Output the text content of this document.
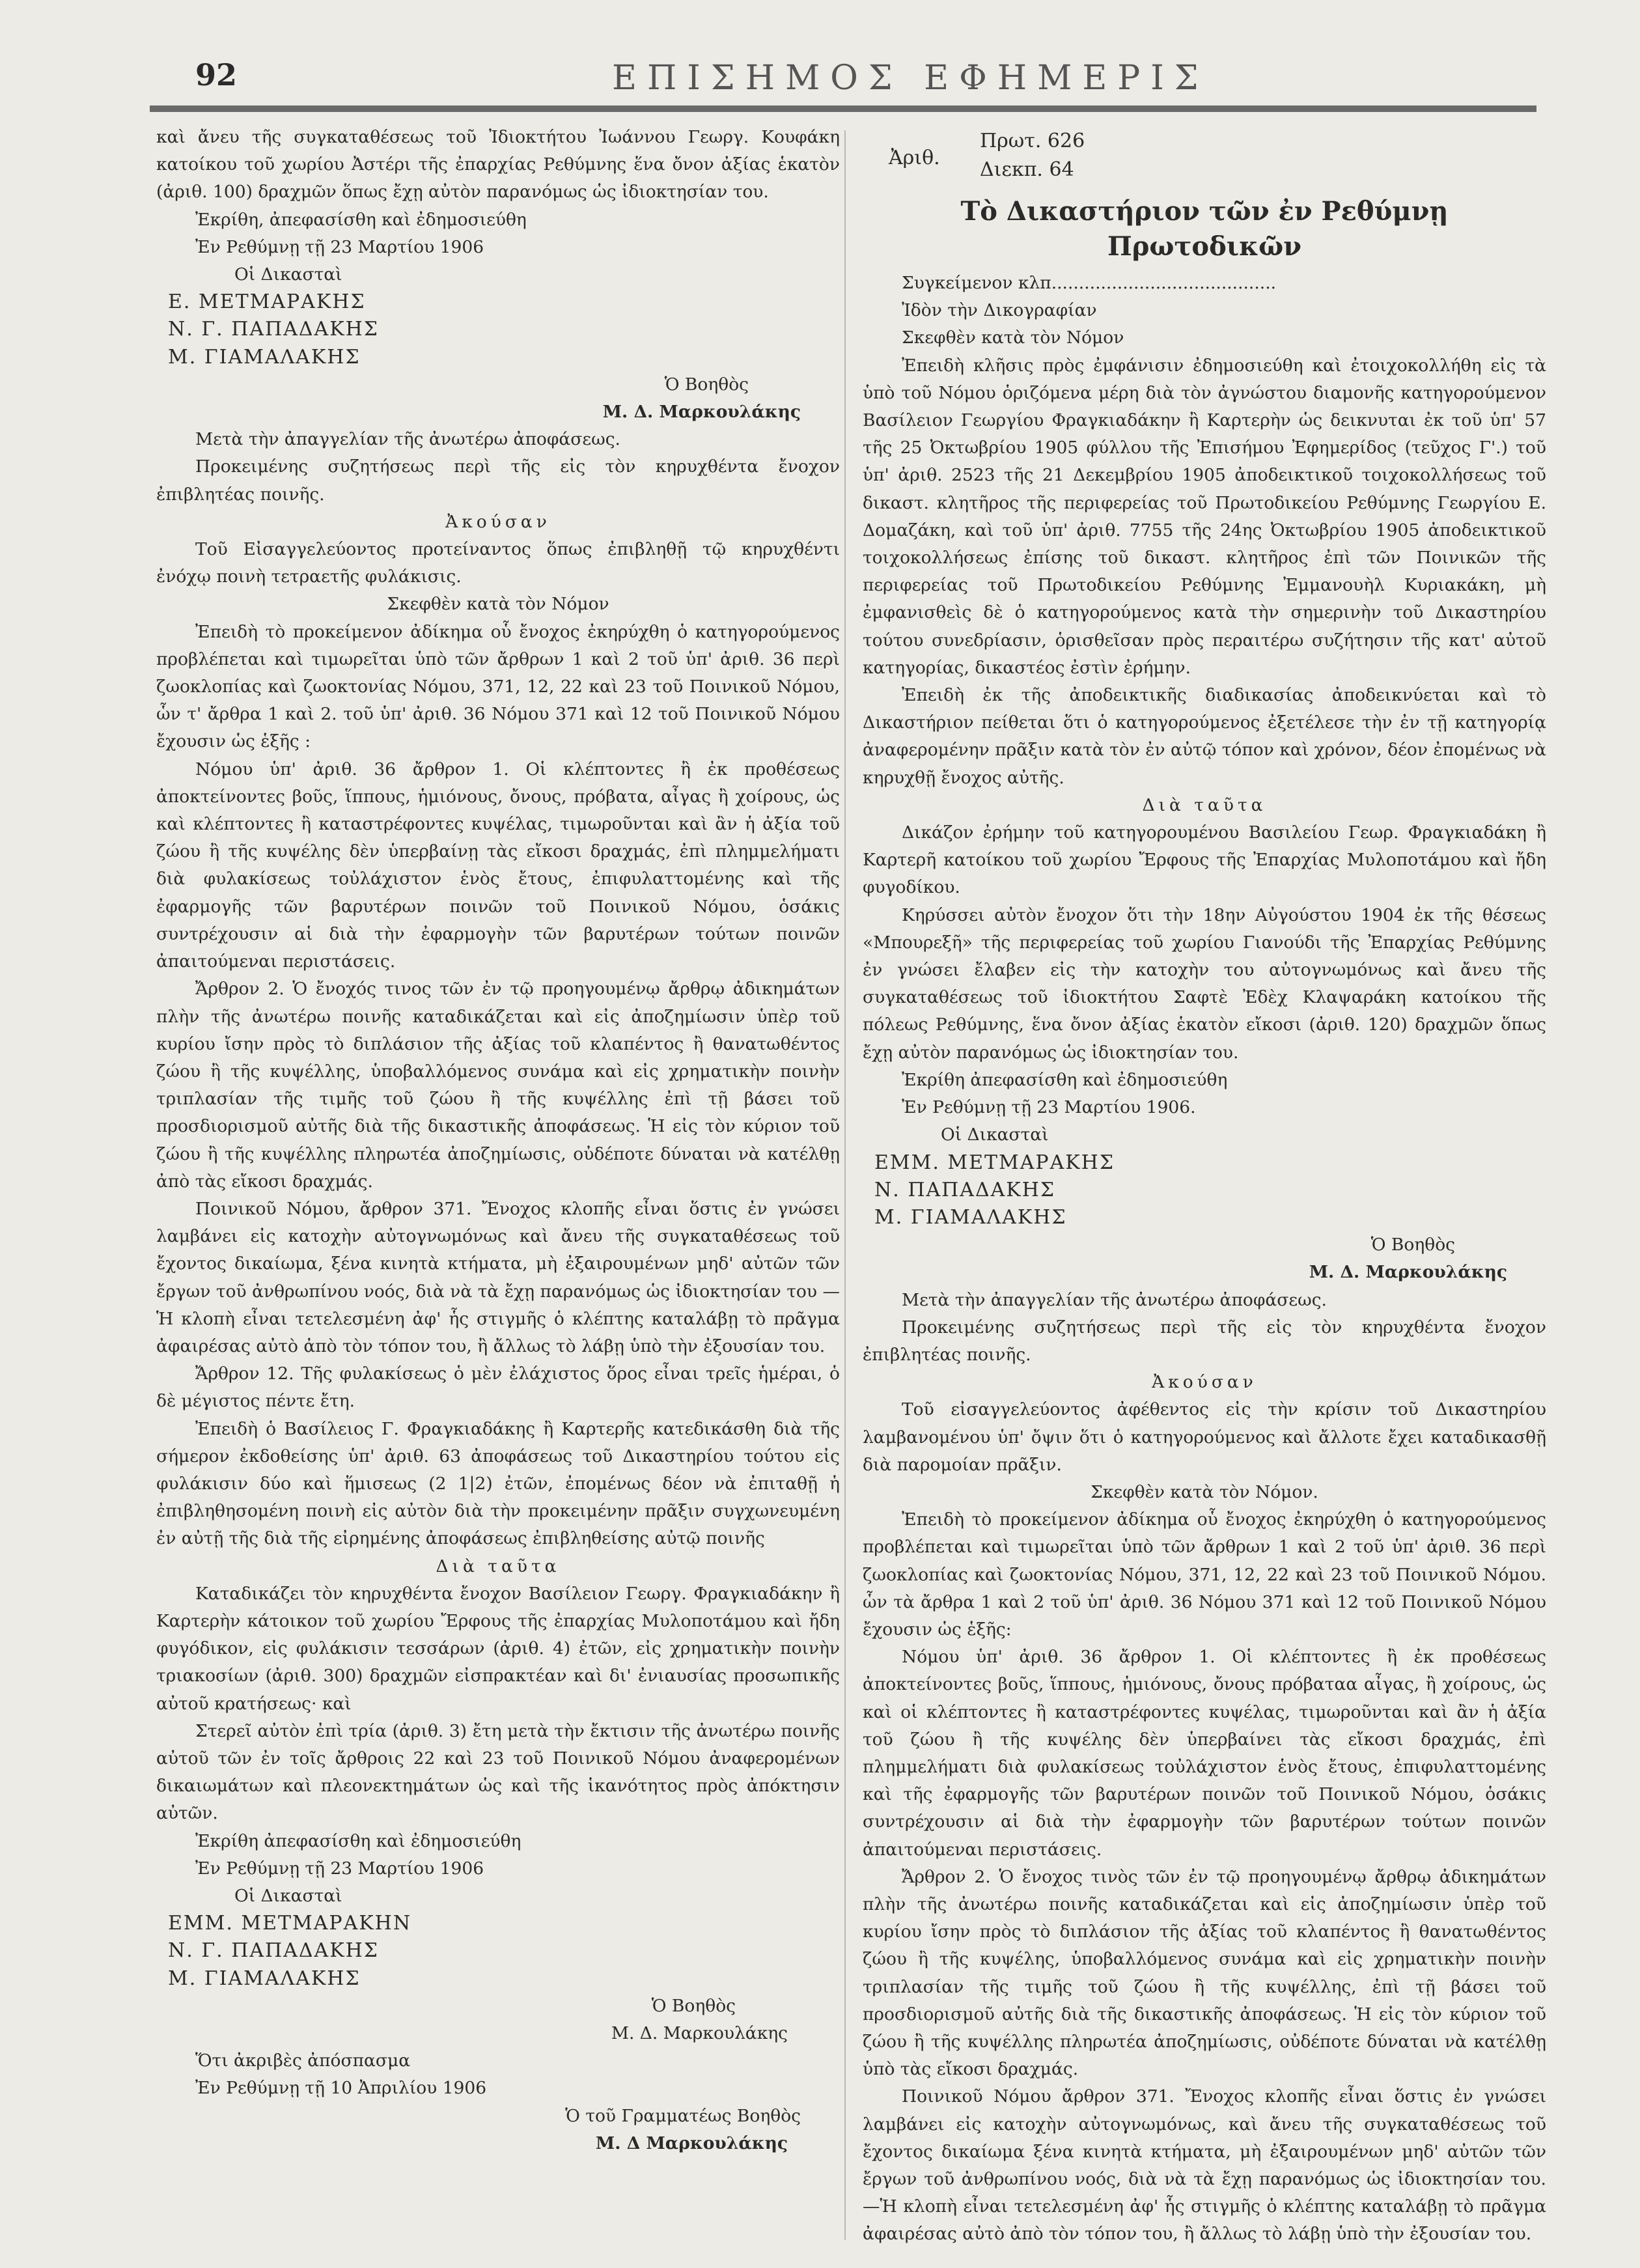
92	ΕΠΙΣΗΜΟΣ ΕΦΗΜΕΡΙΣ

καὶ ἄνευ τῆς συγκαταθέσεως τοῦ Ἰδιοκτήτου Ἰωάννου Γεωργ. Κουφάκη κατοίκου τοῦ χωρίου Ἀστέρι τῆς ἐπαρχίας Ρεθύμνης ἕνα ὄνον ἀξίας ἑκατὸν (ἀριθ. 100) δραχμῶν ὅπως ἔχῃ αὐτὸν παρανόμως ὡς ἰδιοκτησίαν του.

Ἐκρίθη, ἀπεφασίσθη καὶ ἐδημοσιεύθη

Ἐν Ρεθύμνῃ τῇ 23 Μαρτίου 1906

Οἱ Δικασταὶ

Ε. ΜΕΤΜΑΡΑΚΗΣ

Ν. Γ. ΠΑΠΑΔΑΚΗΣ

Μ. ΓΙΑΜΑΛΑΚΗΣ

Ὁ Βοηθὸς

Μ. Δ. Μαρκουλάκης

Μετὰ τὴν ἀπαγγελίαν τῆς ἀνωτέρω ἀποφάσεως.

Προκειμένης συζητήσεως περὶ τῆς εἰς τὸν κηρυχθέντα ἔνοχον ἐπιβλητέας ποινῆς.

Ἀκούσαν

Τοῦ Εἰσαγγελεύοντος προτείναντος ὅπως ἐπιβληθῇ τῷ κηρυχθέντι ἐνόχῳ ποινὴ τετραετῆς φυλάκισις.

Σκεφθὲν κατὰ τὸν Νόμον

Ἐπειδὴ τὸ προκείμενον ἀδίκημα οὗ ἔνοχος ἐκηρύχθη ὁ κατηγορούμενος προβλέπεται καὶ τιμωρεῖται ὑπὸ τῶν ἄρθρων 1 καὶ 2 τοῦ ὑπ' ἀριθ. 36 περὶ ζωοκλοπίας καὶ ζωοκτονίας Νόμου, 371, 12, 22 καὶ 23 τοῦ Ποινικοῦ Νόμου, ὧν τ' ἄρθρα 1 καὶ 2. τοῦ ὑπ' ἀριθ. 36 Νόμου 371 καὶ 12 τοῦ Ποινικοῦ Νόμου ἔχουσιν ὡς ἑξῆς :

Νόμου ὑπ' ἀριθ. 36 ἄρθρον 1. Οἱ κλέπτοντες ἢ ἐκ προθέσεως ἀποκτείνοντες βοῦς, ἵππους, ἡμιόνους, ὄνους, πρόβατα, αἶγας ἢ χοίρους, ὡς καὶ κλέπτοντες ἢ καταστρέφοντες κυψέλας, τιμωροῦνται καὶ ἂν ἡ ἀξία τοῦ ζώου ἢ τῆς κυψέλης δὲν ὑπερβαίνῃ τὰς εἴκοσι δραχμάς, ἐπὶ πλημμελήματι διὰ φυλακίσεως τοὐλάχιστον ἑνὸς ἔτους, ἐπιφυλαττομένης καὶ τῆς ἐφαρμογῆς τῶν βαρυτέρων ποινῶν τοῦ Ποινικοῦ Νόμου, ὁσάκις συντρέχουσιν αἱ διὰ τὴν ἐφαρμογὴν τῶν βαρυτέρων τούτων ποινῶν ἀπαιτούμεναι περιστάσεις.

Ἄρθρον 2. Ὁ ἔνοχός τινος τῶν ἐν τῷ προηγουμένῳ ἄρθρῳ ἀδικημάτων πλὴν τῆς ἀνωτέρω ποινῆς καταδικάζεται καὶ εἰς ἀποζημίωσιν ὑπὲρ τοῦ κυρίου ἴσην πρὸς τὸ διπλάσιον τῆς ἀξίας τοῦ κλαπέντος ἢ θανατωθέντος ζώου ἢ τῆς κυψέλλης, ὑποβαλλόμενος συνάμα καὶ εἰς χρηματικὴν ποινὴν τριπλασίαν τῆς τιμῆς τοῦ ζώου ἢ τῆς κυψέλλης ἐπὶ τῇ βάσει τοῦ προσδιορισμοῦ αὐτῆς διὰ τῆς δικαστικῆς ἀποφάσεως. Ἡ εἰς τὸν κύριον τοῦ ζώου ἢ τῆς κυψέλλης πληρωτέα ἀποζημίωσις, οὐδέποτε δύναται νὰ κατέλθῃ ἀπὸ τὰς εἴκοσι δραχμάς.

Ποινικοῦ Νόμου, ἄρθρον 371. Ἔνοχος κλοπῆς εἶναι ὅστις ἐν γνώσει λαμβάνει εἰς κατοχὴν αὐτογνωμόνως καὶ ἄνευ τῆς συγκαταθέσεως τοῦ ἔχοντος δικαίωμα, ξένα κινητὰ κτήματα, μὴ ἐξαιρουμένων μηδ' αὐτῶν τῶν ἔργων τοῦ ἀνθρωπίνου νοός, διὰ νὰ τὰ ἔχῃ παρανόμως ὡς ἰδιοκτησίαν του —Ἡ κλοπὴ εἶναι τετελεσμένη ἀφ' ἧς στιγμῆς ὁ κλέπτης καταλάβῃ τὸ πρᾶγμα ἀφαιρέσας αὐτὸ ἀπὸ τὸν τόπον του, ἢ ἄλλως τὸ λάβῃ ὑπὸ τὴν ἐξουσίαν του.

Ἄρθρον 12. Τῆς φυλακίσεως ὁ μὲν ἐλάχιστος ὅρος εἶναι τρεῖς ἡμέραι, ὁ δὲ μέγιστος πέντε ἔτη.

Ἐπειδὴ ὁ Βασίλειος Γ. Φραγκιαδάκης ἢ Καρτερῆς κατεδικάσθη διὰ τῆς σήμερον ἐκδοθείσης ὑπ' ἀριθ. 63 ἀποφάσεως τοῦ Δικαστηρίου τούτου εἰς φυλάκισιν δύο καὶ ἥμισεως (2 1|2) ἐτῶν, ἐπομένως δέον νὰ ἐπιταθῇ ἡ ἐπιβληθησομένη ποινὴ εἰς αὐτὸν διὰ τὴν προκειμένην πρᾶξιν συγχωνευμένη ἐν αὐτῇ τῆς διὰ τῆς εἰρημένης ἀποφάσεως ἐπιβληθείσης αὐτῷ ποινῆς

Διὰ ταῦτα

Καταδικάζει τὸν κηρυχθέντα ἔνοχον Βασίλειον Γεωργ. Φραγκιαδάκην ἢ Καρτερὴν κάτοικον τοῦ χωρίου Ἔρφους τῆς ἐπαρχίας Μυλοποτάμου καὶ ἤδη φυγόδικον, εἰς φυλάκισιν τεσσάρων (ἀριθ. 4) ἐτῶν, εἰς χρηματικὴν ποινὴν τριακοσίων (ἀριθ. 300) δραχμῶν εἰσπρακτέαν καὶ δι' ἐνιαυσίας προσωπικῆς αὐτοῦ κρατήσεως· καὶ

Στερεῖ αὐτὸν ἐπὶ τρία (ἀριθ. 3) ἔτη μετὰ τὴν ἔκτισιν τῆς ἀνωτέρω ποινῆς αὐτοῦ τῶν ἐν τοῖς ἄρθροις 22 καὶ 23 τοῦ Ποινικοῦ Νόμου ἀναφερομένων δικαιωμάτων καὶ πλεονεκτημάτων ὡς καὶ τῆς ἱκανότητος πρὸς ἀπόκτησιν αὐτῶν.

Ἐκρίθη ἀπεφασίσθη καὶ ἐδημοσιεύθη

Ἐν Ρεθύμνῃ τῇ 23 Μαρτίου 1906

Οἱ Δικασταὶ

ΕΜΜ. ΜΕΤΜΑΡΑΚΗΝ

Ν. Γ. ΠΑΠΑΔΑΚΗΣ

Μ. ΓΙΑΜΑΛΑΚΗΣ

Ὁ Βοηθὸς

Μ. Δ. Μαρκουλάκης

Ὅτι ἀκριβὲς ἀπόσπασμα

Ἐν Ρεθύμνῃ τῇ 10 Ἀπριλίου 1906

Ὁ τοῦ Γραμματέως Βοηθὸς

Μ. Δ Μαρκουλάκης

Ἀριθ.
Πρωτ. 626
Διεκπ. 64

Τὸ Δικαστήριον τῶν ἐν Ρεθύμνῃ Πρωτοδικῶν

Συγκείμενον κλπ.........................................

Ἰδὸν τὴν Δικογραφίαν

Σκεφθὲν κατὰ τὸν Νόμον

Ἐπειδὴ κλῆσις πρὸς ἐμφάνισιν ἐδημοσιεύθη καὶ ἐτοιχοκολλήθη εἰς τὰ ὑπὸ τοῦ Νόμου ὁριζόμενα μέρη διὰ τὸν ἀγνώστου διαμονῆς κατηγορούμενον Βασίλειον Γεωργίου Φραγκιαδάκην ἢ Καρτερὴν ὡς δεικνυται ἐκ τοῦ ὑπ' 57 τῆς 25 Ὀκτωβρίου 1905 φύλλου τῆς Ἐπισήμου Ἐφημερίδος (τεῦχος Γ'.) τοῦ ὑπ' ἀριθ. 2523 τῆς 21 Δεκεμβρίου 1905 ἀποδεικτικοῦ τοιχοκολλήσεως τοῦ δικαστ. κλητῆρος τῆς περιφερείας τοῦ Πρωτοδικείου Ρεθύμνης Γεωργίου Ε. Δομαζάκη, καὶ τοῦ ὑπ' ἀριθ. 7755 τῆς 24ης Ὀκτωβρίου 1905 ἀποδεικτικοῦ τοιχοκολλήσεως ἐπίσης τοῦ δικαστ. κλητῆρος ἐπὶ τῶν Ποινικῶν τῆς περιφερείας τοῦ Πρωτοδικείου Ρεθύμνης Ἐμμανουὴλ Κυριακάκη, μὴ ἐμφανισθεὶς δὲ ὁ κατηγορούμενος κατὰ τὴν σημερινὴν τοῦ Δικαστηρίου τούτου συνεδρίασιν, ὁρισθεῖσαν πρὸς περαιτέρω συζήτησιν τῆς κατ' αὐτοῦ κατηγορίας, δικαστέος ἐστὶν ἐρήμην.

Ἐπειδὴ ἐκ τῆς ἀποδεικτικῆς διαδικασίας ἀποδεικνύεται καὶ τὸ Δικαστήριον πείθεται ὅτι ὁ κατηγορούμενος ἐξετέλεσε τὴν ἐν τῇ κατηγορίᾳ ἀναφερομένην πρᾶξιν κατὰ τὸν ἐν αὐτῷ τόπον καὶ χρόνον, δέον ἐπομένως νὰ κηρυχθῇ ἔνοχος αὐτῆς.

Διὰ ταῦτα

Δικάζον ἐρήμην τοῦ κατηγορουμένου Βασιλείου Γεωρ. Φραγκιαδάκη ἢ Καρτερῆ κατοίκου τοῦ χωρίου Ἔρφους τῆς Ἐπαρχίας Μυλοποτάμου καὶ ἤδη φυγοδίκου.

Κηρύσσει αὐτὸν ἔνοχον ὅτι τὴν 18ην Αὐγούστου 1904 ἐκ τῆς θέσεως «Μπουρεξῆ» τῆς περιφερείας τοῦ χωρίου Γιανούδι τῆς Ἐπαρχίας Ρεθύμνης ἐν γνώσει ἔλαβεν εἰς τὴν κατοχὴν του αὐτογνωμόνως καὶ ἄνευ τῆς συγκαταθέσεως τοῦ ἰδιοκτήτου Σαφτὲ Ἐδὲχ Κλαψαράκη κατοίκου τῆς πόλεως Ρεθύμνης, ἕνα ὄνον ἀξίας ἑκατὸν εἴκοσι (ἀριθ. 120) δραχμῶν ὅπως ἔχῃ αὐτὸν παρανόμως ὡς ἰδιοκτησίαν του.

Ἐκρίθη ἀπεφασίσθη καὶ ἐδημοσιεύθη

Ἐν Ρεθύμνῃ τῇ 23 Μαρτίου 1906.

Οἱ Δικασταὶ

ΕΜΜ. ΜΕΤΜΑΡΑΚΗΣ

Ν. ΠΑΠΑΔΑΚΗΣ

Μ. ΓΙΑΜΑΛΑΚΗΣ

Ὁ Βοηθὸς

Μ. Δ. Μαρκουλάκης

Μετὰ τὴν ἀπαγγελίαν τῆς ἀνωτέρω ἀποφάσεως.

Προκειμένης συζητήσεως περὶ τῆς εἰς τὸν κηρυχθέντα ἔνοχον ἐπιβλητέας ποινῆς.

Ἀκούσαν

Τοῦ εἰσαγγελεύοντος ἀφέθεντος εἰς τὴν κρίσιν τοῦ Δικαστηρίου λαμβανομένου ὑπ' ὄψιν ὅτι ὁ κατηγορούμενος καὶ ἄλλοτε ἔχει καταδικασθῇ διὰ παρομοίαν πρᾶξιν.

Σκεφθὲν κατὰ τὸν Νόμον.

Ἐπειδὴ τὸ προκείμενον ἀδίκημα οὗ ἔνοχος ἐκηρύχθη ὁ κατηγορούμενος προβλέπεται καὶ τιμωρεῖται ὑπὸ τῶν ἄρθρων 1 καὶ 2 τοῦ ὑπ' ἀριθ. 36 περὶ ζωοκλοπίας καὶ ζωοκτονίας Νόμου, 371, 12, 22 καὶ 23 τοῦ Ποινικοῦ Νόμου. ὧν τὰ ἄρθρα 1 καὶ 2 τοῦ ὑπ' ἀριθ. 36 Νόμου 371 καὶ 12 τοῦ Ποινικοῦ Νόμου ἔχουσιν ὡς ἑξῆς:

Νόμου ὑπ' ἀριθ. 36 ἄρθρον 1. Οἱ κλέπτοντες ἢ ἐκ προθέσεως ἀποκτείνοντες βοῦς, ἵππους, ἡμιόνους, ὄνους πρόβαταα αἶγας, ἢ χοίρους, ὡς καὶ οἱ κλέπτοντες ἢ καταστρέφοντες κυψέλας, τιμωροῦνται καὶ ἂν ἡ ἀξία τοῦ ζώου ἢ τῆς κυψέλης δὲν ὑπερβαίνει τὰς εἴκοσι δραχμάς, ἐπὶ πλημμελήματι διὰ φυλακίσεως τοὐλάχιστον ἑνὸς ἔτους, ἐπιφυλαττομένης καὶ τῆς ἐφαρμογῆς τῶν βαρυτέρων ποινῶν τοῦ Ποινικοῦ Νόμου, ὁσάκις συντρέχουσιν αἱ διὰ τὴν ἐφαρμογὴν τῶν βαρυτέρων τούτων ποινῶν ἀπαιτούμεναι περιστάσεις.

Ἄρθρον 2. Ὁ ἔνοχος τινὸς τῶν ἐν τῷ προηγουμένῳ ἄρθρῳ ἀδικημάτων πλὴν τῆς ἀνωτέρω ποινῆς καταδικάζεται καὶ εἰς ἀποζημίωσιν ὑπὲρ τοῦ κυρίου ἴσην πρὸς τὸ διπλάσιον τῆς ἀξίας τοῦ κλαπέντος ἢ θανατωθέντος ζώου ἢ τῆς κυψέλης, ὑποβαλλόμενος συνάμα καὶ εἰς χρηματικὴν ποινὴν τριπλασίαν τῆς τιμῆς τοῦ ζώου ἢ τῆς κυψέλλης, ἐπὶ τῇ βάσει τοῦ προσδιορισμοῦ αὐτῆς διὰ τῆς δικαστικῆς ἀποφάσεως. Ἡ εἰς τὸν κύριον τοῦ ζώου ἢ τῆς κυψέλλης πληρωτέα ἀποζημίωσις, οὐδέποτε δύναται νὰ κατέλθῃ ὑπὸ τὰς εἴκοσι δραχμάς.

Ποινικοῦ Νόμου ἄρθρον 371. Ἔνοχος κλοπῆς εἶναι ὅστις ἐν γνώσει λαμβάνει εἰς κατοχὴν αὐτογνωμόνως, καὶ ἄνευ τῆς συγκαταθέσεως τοῦ ἔχοντος δικαίωμα ξένα κινητὰ κτήματα, μὴ ἐξαιρουμένων μηδ' αὐτῶν τῶν ἔργων τοῦ ἀνθρωπίνου νοός, διὰ νὰ τὰ ἔχῃ παρανόμως ὡς ἰδιοκτησίαν του. —Ἡ κλοπὴ εἶναι τετελεσμένη ἀφ' ἧς στιγμῆς ὁ κλέπτης καταλάβῃ τὸ πρᾶγμα ἀφαιρέσας αὐτὸ ἀπὸ τὸν τόπον του, ἢ ἄλλως τὸ λάβῃ ὑπὸ τὴν ἐξουσίαν του.
